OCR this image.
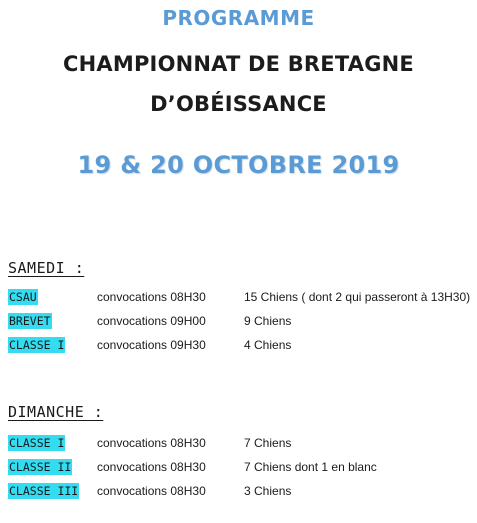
PROGRAMME
CHAMPIONNAT DE BRETAGNE
D’OBÉISSANCE
19 & 20 OCTOBRE 2019
SAMEDI :
CSAU	convocations 08H30	15 Chiens ( dont 2 qui passeront à 13H30)
BREVET	convocations 09H00	9 Chiens
CLASSE I	convocations 09H30	4 Chiens
DIMANCHE :
CLASSE I	convocations 08H30	7 Chiens
CLASSE II convocations 08H30	7 Chiens dont 1 en blanc
CLASSE III convocations 08H30	3 Chiens
